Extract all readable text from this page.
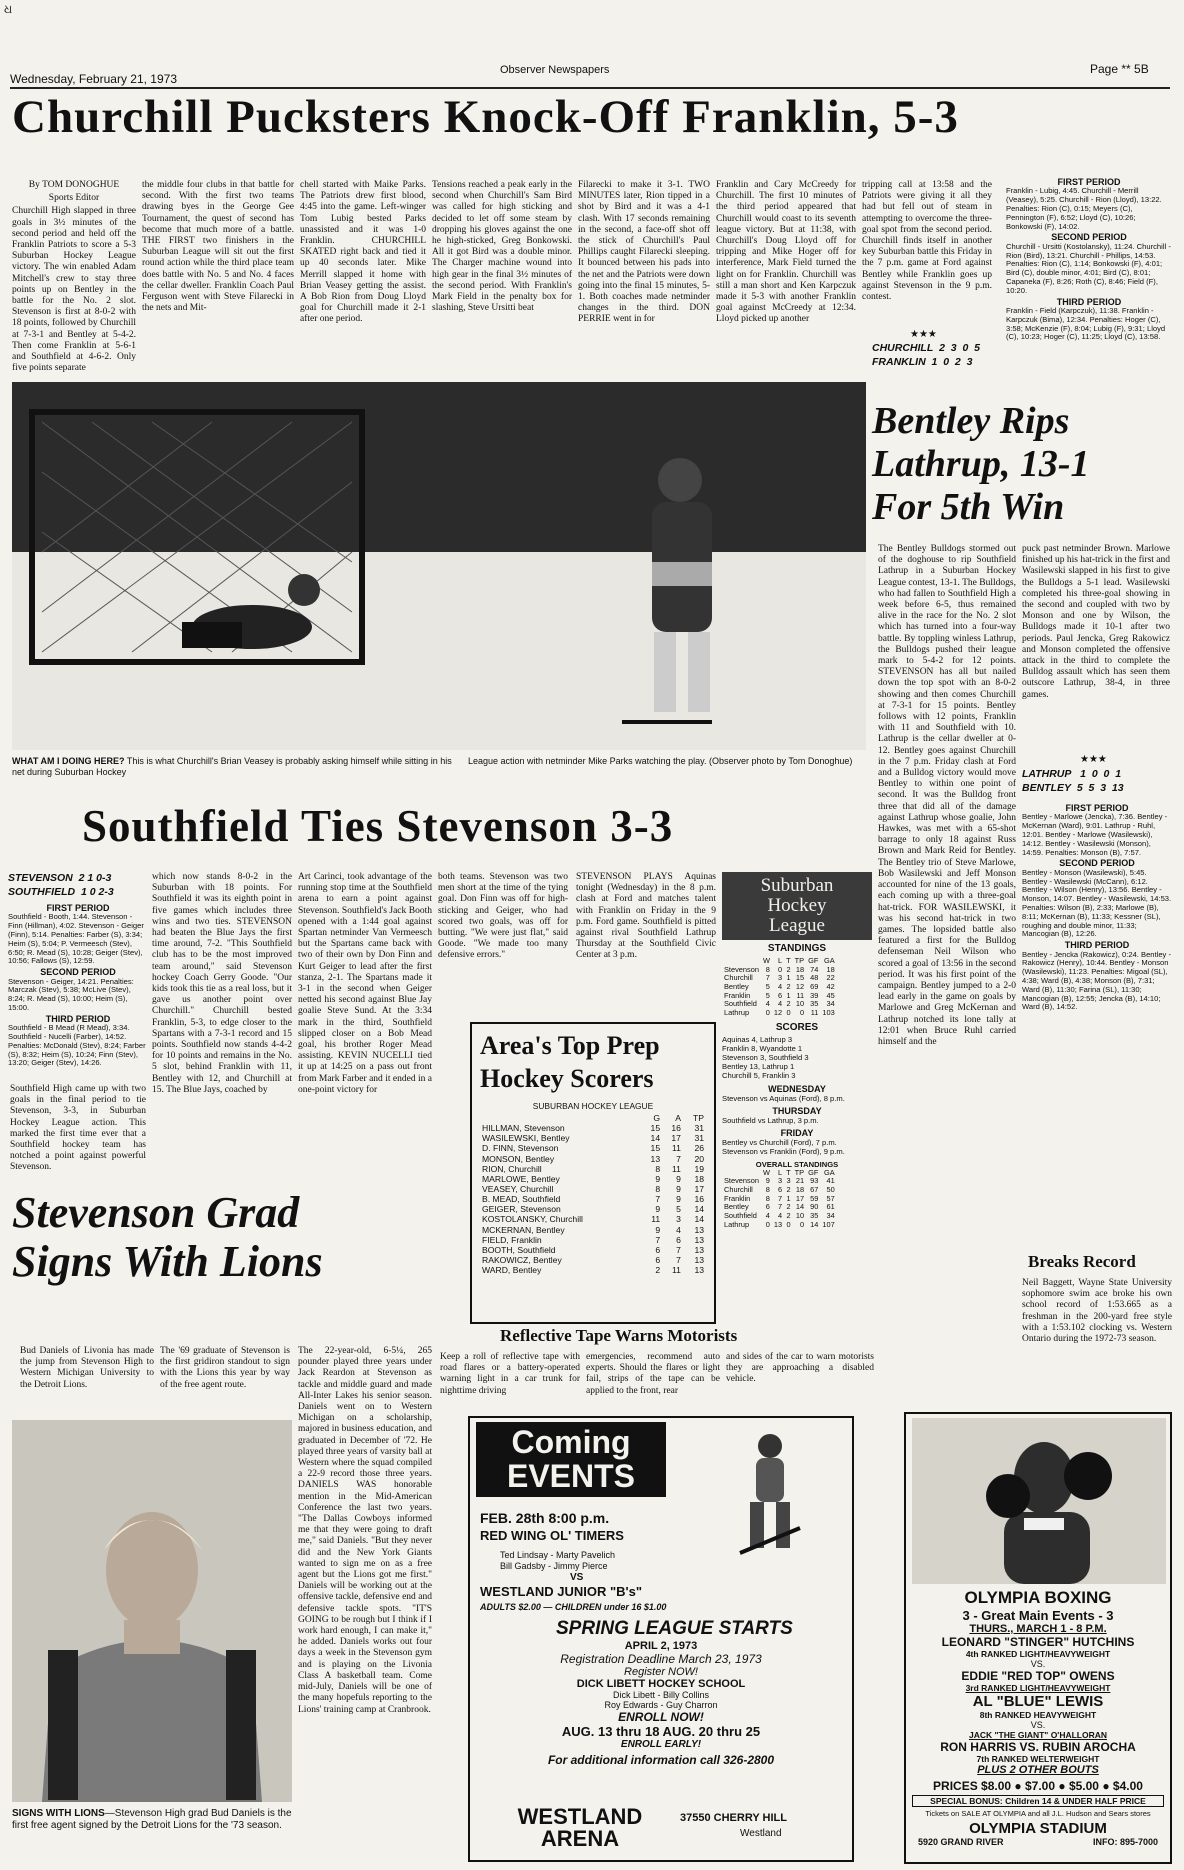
ଧ
Wednesday, February 21, 1973
Observer Newspapers	Page ** 5B
Churchill Pucksters Knock-Off Franklin, 5-3

By TOM DONOGHUE

Sports Editor

Churchill High slapped in three goals in 3½ minutes of the second period and held off the Franklin Patriots to score a 5-3 Suburban Hockey League victory. The win enabled Adam Mitchell's crew to stay three points up on Bentley in the battle for the No. 2 slot. Stevenson is first at 8-0-2 with 18 points, followed by Churchill at 7-3-1 and Bentley at 5-4-2. Then come Franklin at 5-6-1 and Southfield at 4-6-2. Only five points separate

the middle four clubs in that battle for second. With the first two teams drawing byes in the George Gee Tournament, the quest of second has become that much more of a battle. THE FIRST two finishers in the Suburban League will sit out the first round action while the third place team does battle with No. 5 and No. 4 faces the cellar dweller. Franklin Coach Paul Ferguson went with Steve Filarecki in the nets and Mit-
chell started with Maike Parks. The Patriots drew first blood, 4:45 into the game. Left-winger Tom Lubig bested Parks unassisted and it was 1-0 Franklin. CHURCHILL SKATED right back and tied it up 40 seconds later. Mike Merrill slapped it home with Brian Veasey getting the assist. A Bob Rion from Doug Lloyd goal for Churchill made it 2-1 after one period.
Tensions reached a peak early in the second when Churchill's Sam Bird was called for high sticking and decided to let off some steam by dropping his gloves against the one he high-sticked, Greg Bonkowski. All it got Bird was a double minor. The Charger machine wound into high gear in the final 3½ minutes of the second period. With Franklin's Mark Field in the penalty box for slashing, Steve Ursitti beat
Filarecki to make it 3-1. TWO MINUTES later, Rion tipped in a shot by Bird and it was a 4-1 clash. With 17 seconds remaining in the second, a face-off shot off the stick of Churchill's Paul Phillips caught Filarecki sleeping. It bounced between his pads into the net and the Patriots were down going into the final 15 minutes, 5-1. Both coaches made netminder changes in the third. DON PERRIE went in for
Franklin and Cary McCreedy for Churchill. The first 10 minutes of the third period appeared that Churchill would coast to its seventh league victory. But at 11:38, with Churchill's Doug Lloyd off for tripping and Mike Hoger off for interference, Mark Field turned the light on for Franklin. Churchill was still a man short and Ken Karpczuk made it 5-3 with another Franklin goal against McCreedy at 12:34. Lloyd picked up another
tripping call at 13:58 and the Patriots were giving it all they had but fell out of steam in attempting to overcome the three-goal spot from the second period. Churchill finds itself in another key Suburban battle this Friday in the 7 p.m. game at Ford against Bentley while Franklin goes up against Stevenson in the 9 p.m. contest.
★★★
CHURCHILL 2 3 0 5
FRANKLIN 1 0 2 3
FIRST PERIOD
Franklin - Lubig, 4:45. Churchill - Merrill (Veasey), 5:25. Churchill - Rion (Lloyd), 13:22. Penalties: Rion (C), 0:15; Meyers (C), Pennington (F), 6:52; Lloyd (C), 10:26; Bonkowski (F), 14:02.
SECOND PERIOD
Churchill - Ursitti (Kostolansky), 11:24. Churchill - Rion (Bird), 13:21. Churchill - Phillips, 14:53. Penalties: Rion (C), 1:14; Bonkowski (F), 4:01; Bird (C), double minor, 4:01; Bird (C), 8:01; Capaneka (F), 8:26; Roth (C), 8:46; Field (F), 10:20.
THIRD PERIOD
Franklin - Field (Karpczuk), 11:38. Franklin - Karpczuk (Bima), 12:34. Penalties: Hoger (C), 3:58; McKenzie (F), 8:04; Lubig (F), 9:31; Lloyd (C), 10:23; Hoger (C), 11:25; Lloyd (C), 13:58.
WHAT AM I DOING HERE? This is what Churchill's Brian Veasey is probably asking himself while sitting in his net during Suburban Hockey
League action with netminder Mike Parks watching the play. (Observer photo by Tom Donoghue)
Bentley Rips
Lathrup, 13-1
For 5th Win
The Bentley Bulldogs stormed out of the doghouse to rip Southfield Lathrup in a Suburban Hockey League contest, 13-1. The Bulldogs, who had fallen to Southfield High a week before 6-5, thus remained alive in the race for the No. 2 slot which has turned into a four-way battle. By toppling winless Lathrup, the Bulldogs pushed their league mark to 5-4-2 for 12 points. STEVENSON has all but nailed down the top spot with an 8-0-2 showing and then comes Churchill at 7-3-1 for 15 points. Bentley follows with 12 points, Franklin with 11 and Southfield with 10. Lathrup is the cellar dweller at 0-12. Bentley goes against Churchill in the 7 p.m. Friday clash at Ford and a Bulldog victory would move Bentley to within one point of second. It was the Bulldog front three that did all of the damage against Lathrup whose goalie, John Hawkes, was met with a 65-shot barrage to only 18 against Russ Brown and Mark Reid for Bentley. The Bentley trio of Steve Marlowe, Bob Wasilewski and Jeff Monson accounted for nine of the 13 goals, each coming up with a three-goal hat-trick. FOR WASILEWSKI, it was his second hat-trick in two games. The lopsided battle also featured a first for the Bulldog defenseman Neil Wilson who scored a goal of 13:56 in the second period. It was his first point of the campaign. Bentley jumped to a 2-0 lead early in the game on goals by Marlowe and Greg McKernan and Lathrup notched its lone tally at 12:01 when Bruce Ruhl carried himself and the
puck past netminder Brown. Marlowe finished up his hat-trick in the first and Wasilewski slapped in his first to give the Bulldogs a 5-1 lead. Wasilewski completed his three-goal showing in the second and coupled with two by Monson and one by Wilson, the Bulldogs made it 10-1 after two periods. Paul Jencka, Greg Rakowicz and Monson completed the offensive attack in the third to complete the Bulldog assault which has seen them outscore Lathrup, 38-4, in three games.
★★★
LATHRUP 1 0 0 1
BENTLEY 5 5 3 13
FIRST PERIOD
Bentley - Marlowe (Jencka), 7:36. Bentley - McKernan (Ward), 9:01. Lathrup - Ruhl, 12:01. Bentley - Marlowe (Wasilewski), 14:12. Bentley - Wasilewski (Monson), 14:59. Penalties: Monson (B), 7:57.
SECOND PERIOD
Bentley - Monson (Wasilewski), 5:45. Bentley - Wasilewski (McCann), 6:12. Bentley - Wilson (Henry), 13:56. Bentley - Monson, 14:07. Bentley - Wasilewski, 14:53. Penalties: Wilson (B), 2:33; Marlowe (B), 8:11; McKernan (B), 11:33; Kessner (SL), roughing and double minor, 11:33; Mancogian (B), 12:26.
THIRD PERIOD
Bentley - Jencka (Rakowicz), 0:24. Bentley - Rakowicz (Henry), 10:44. Bentley - Monson (Wasilewski), 11:23. Penalties: Migoal (SL), 4:38; Ward (B), 4:38; Monson (B), 7:31; Ward (B), 11:30; Farina (SL), 11:30; Mancogian (B), 12:55; Jencka (B), 14:10; Ward (B), 14:52.
Breaks Record
Neil Baggett, Wayne State University sophomore swim ace broke his own school record of 1:53.665 as a freshman in the 200-yard free style with a 1:53.102 clocking vs. Western Ontario during the 1972-73 season.
Southfield Ties Stevenson 3-3
STEVENSON 2 1 0-3
SOUTHFIELD 1 0 2-3
FIRST PERIOD
Southfield - Booth, 1:44. Stevenson - Finn (Hillman), 4:02. Stevenson - Geiger (Finn), 5:14. Penalties: Farber (S), 3:34; Heim (S), 5:04; P. Vermeesch (Stev), 6:50; R. Mead (S), 10:28; Geiger (Stev), 10:56; Fallows (S), 12:59.
SECOND PERIOD
Stevenson - Geiger, 14:21. Penalties: Marczak (Stev), 5:38; McLive (Stev), 8:24; R. Mead (S), 10:00; Heim (S), 15:00.
THIRD PERIOD
Southfield - B Mead (R Mead), 3:34. Southfield - Nucelli (Farber), 14:52. Penalties: McDonald (Stev), 8:24; Farber (S), 8:32; Heim (S), 10:24; Finn (Stev), 13:20; Geiger (Stev), 14:26.
Southfield High came up with two goals in the final period to tie Stevenson, 3-3, in Suburban Hockey League action. This marked the first time ever that a Southfield hockey team has notched a point against powerful Stevenson.
which now stands 8-0-2 in the Suburban with 18 points. For Southfield it was its eighth point in five games which includes three wins and two ties. STEVENSON had beaten the Blue Jays the first time around, 7-2. "This Southfield club has to be the most improved team around," said Stevenson hockey Coach Gerry Goode. "Our kids took this tie as a real loss, but it gave us another point over Churchill." Churchill bested Franklin, 5-3, to edge closer to the Spartans with a 7-3-1 record and 15 points. Southfield now stands 4-4-2 for 10 points and remains in the No. 5 slot, behind Franklin with 11, Bentley with 12, and Churchill at 15. The Blue Jays, coached by
Art Carinci, took advantage of the running stop time at the Southfield arena to earn a point against Stevenson. Southfield's Jack Booth opened with a 1:44 goal against Spartan netminder Van Vermeesch but the Spartans came back with two of their own by Don Finn and Kurt Geiger to lead after the first stanza, 2-1. The Spartans made it 3-1 in the second when Geiger netted his second against Blue Jay goalie Steve Sund. At the 3:34 mark in the third, Southfield slipped closer on a Bob Mead goal, his brother Roger Mead assisting. KEVIN NUCELLI tied it up at 14:25 on a pass out front from Mark Farber and it ended in a one-point victory for
both teams. Stevenson was two men short at the time of the tying goal. Don Finn was off for high-sticking and Geiger, who had scored two goals, was off for butting. "We were just flat," said Goode. "We made too many defensive errors."
STEVENSON PLAYS Aquinas tonight (Wednesday) in the 8 p.m. clash at Ford and matches talent with Franklin on Friday in the 9 p.m. Ford game. Southfield is pitted against rival Southfield Lathrup Thursday at the Southfield Civic Center at 3 p.m.
Suburban
Hockey
League
STANDINGS
	W	L	T	TP	GF	GA
Stevenson	8	0	2	18	74	18
Churchill	7	3	1	15	48	22
Bentley	5	4	2	12	69	42
Franklin	5	6	1	11	39	45
Southfield	4	4	2	10	35	34
Lathrup	0	12	0	0	11	103
SCORES
Aquinas 4, Lathrup 3
Franklin 8, Wyandotte 1
Stevenson 3, Southfield 3
Bentley 13, Lathrup 1
Churchill 5, Franklin 3
WEDNESDAY
Stevenson vs Aquinas (Ford), 8 p.m.
THURSDAY
Southfield vs Lathrup, 3 p.m.
FRIDAY
Bentley vs Churchill (Ford), 7 p.m.
Stevenson vs Franklin (Ford), 9 p.m.
OVERALL STANDINGS
	W	L	T	TP	GF	GA
Stevenson	9	3	3	21	93	41
Churchill	8	6	2	18	67	50
Franklin	8	7	1	17	59	57
Bentley	6	7	2	14	90	61
Southfield	4	4	2	10	35	34
Lathrup	0	13	0	0	14	107
Area's Top Prep
Hockey Scorers
SUBURBAN HOCKEY LEAGUE
	G	A	TP
HILLMAN, Stevenson	15	16	31
WASILEWSKI, Bentley	14	17	31
D. FINN, Stevenson	15	11	26
MONSON, Bentley	13	7	20
RION, Churchill	8	11	19
MARLOWE, Bentley	9	9	18
VEASEY, Churchill	8	9	17
B. MEAD, Southfield	7	9	16
GEIGER, Stevenson	9	5	14
KOSTOLANSKY, Churchill	11	3	14
MCKERNAN, Bentley	9	4	13
FIELD, Franklin	7	6	13
BOOTH, Southfield	6	7	13
RAKOWICZ, Bentley	6	7	13
WARD, Bentley	2	11	13
Stevenson Grad
Signs With Lions
Bud Daniels of Livonia has made the jump from Stevenson High to Western Michigan University to the Detroit Lions.
The '69 graduate of Stevenson is the first gridiron standout to sign with the Lions this year by way of the free agent route.
The 22-year-old, 6-5¼, 265 pounder played three years under Jack Reardon at Stevenson as tackle and middle guard and made All-Inter Lakes his senior season. Daniels went on to Western Michigan on a scholarship, majored in business education, and graduated in December of '72. He played three years of varsity ball at Western where the squad compiled a 22-9 record those three years. DANIELS WAS honorable mention in the Mid-American Conference the last two years. "The Dallas Cowboys informed me that they were going to draft me," said Daniels. "But they never did and the New York Giants wanted to sign me on as a free agent but the Lions got me first." Daniels will be working out at the offensive tackle, defensive end and defensive tackle spots. "IT'S GOING to be rough but I think if I work hard enough, I can make it," he added. Daniels works out four days a week in the Stevenson gym and is playing on the Livonia Class A basketball team. Come mid-July, Daniels will be one of the many hopefuls reporting to the Lions' training camp at Cranbrook.
SIGNS WITH LIONS—Stevenson High grad Bud Daniels is the first free agent signed by the Detroit Lions for the '73 season.
Reflective Tape Warns Motorists
Keep a roll of reflective tape with road flares or a battery-operated warning light in a car trunk for nighttime driving
emergencies, recommend auto experts. Should the flares or light fail, strips of the tape can be applied to the front, rear
and sides of the car to warn motorists they are approaching a disabled vehicle.
Coming
EVENTS
FEB. 28th 8:00 p.m.
RED WING OL' TIMERS
Ted Lindsay - Marty Pavelich
Bill Gadsby - Jimmy Pierce
VS
WESTLAND JUNIOR "B's"
ADULTS $2.00 — CHILDREN under 16 $1.00
SPRING LEAGUE STARTS
APRIL 2, 1973
Registration Deadline March 23, 1973
Register NOW!
DICK LIBETT HOCKEY SCHOOL
Dick Libett - Billy Collins
Roy Edwards - Guy Charron
ENROLL NOW!
AUG. 13 thru 18 AUG. 20 thru 25
ENROLL EARLY!
For additional information call 326-2800
WESTLAND
ARENA
37550 CHERRY HILL
Westland
OLYMPIA BOXING
3 - Great Main Events - 3
THURS., MARCH 1 - 8 P.M.
LEONARD "STINGER" HUTCHINS
4th RANKED LIGHT/HEAVYWEIGHT
VS.
EDDIE "RED TOP" OWENS
3rd RANKED LIGHT/HEAVYWEIGHT
AL "BLUE" LEWIS
8th RANKED HEAVYWEIGHT
VS.
JACK "THE GIANT" O'HALLORAN
RON HARRIS VS. RUBIN AROCHA
7th RANKED WELTERWEIGHT
PLUS 2 OTHER BOUTS
PRICES $8.00 ● $7.00 ● $5.00 ● $4.00
SPECIAL BONUS: Children 14 & UNDER HALF PRICE
Tickets on SALE AT OLYMPIA and all J.L. Hudson and Sears stores
OLYMPIA STADIUM
5920 GRAND RIVER	INFO: 895-7000
